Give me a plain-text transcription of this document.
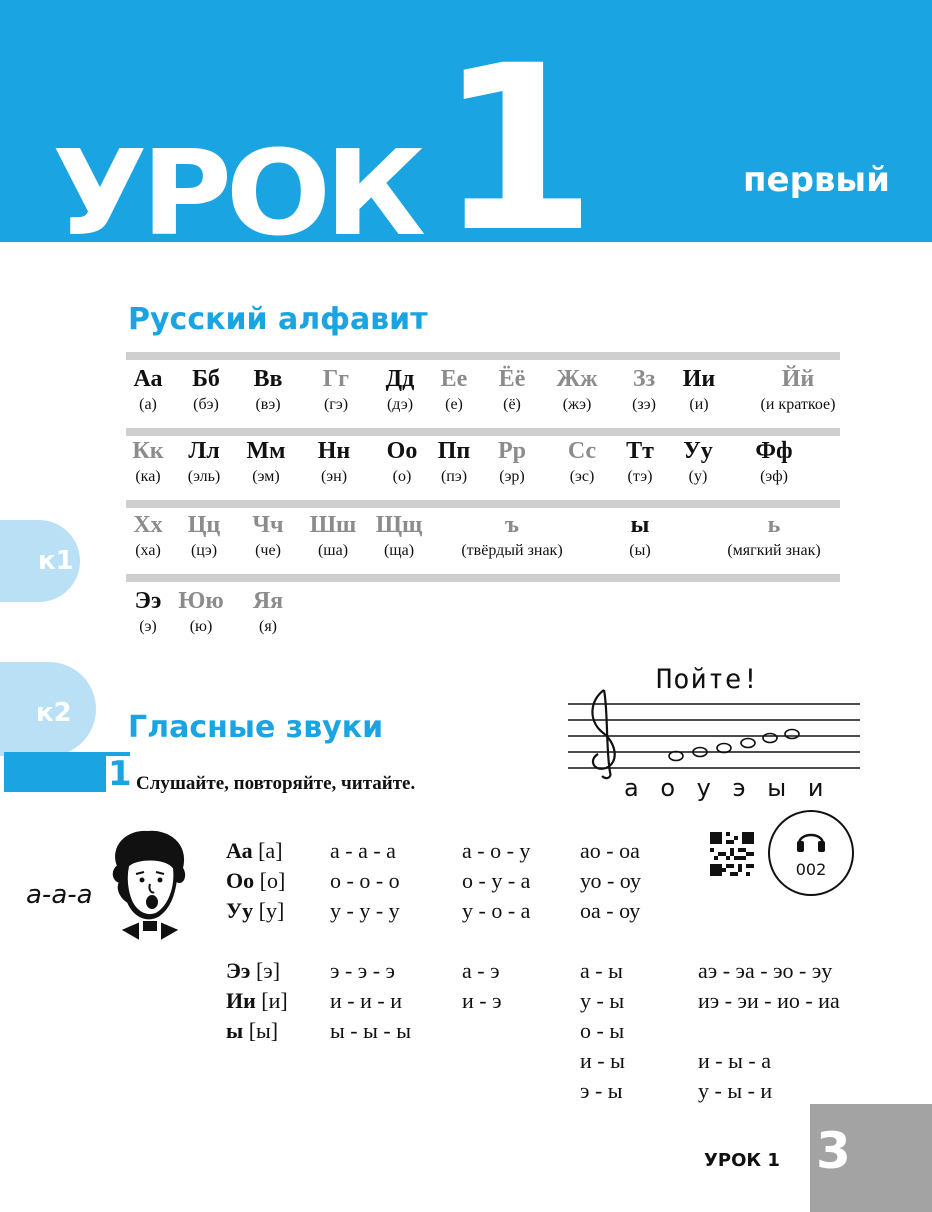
УРОК 1	первый
Русский алфавит
Аа
(а)
Бб
(бэ)
Вв
(вэ)
Гг
(гэ)
Дд
(дэ)
Ее
(е)
Ёё
(ё)
Жж
(жэ)
Зз
(зэ)
Ии
(и)
Йй
(и краткое)
Кк
(ка)
Лл
(эль)
Мм
(эм)
Нн
(эн)
Оо
(о)
Пп
(пэ)
Рр
(эр)
Сс
(эс)
Тт
(тэ)
Уу
(у)
Фф
(эф)
Хх
(ха)
Цц
(цэ)
Чч
(че)
Шш
(ша)
Щщ
(ща)
ъ
(твёрдый знак)
ы
(ы)
ь
(мягкий знак)
Ээ
(э)
Юю
(ю)
Яя
(я)
к1
к2 Гласные звуки
1 Слушайте, повторяйте, читайте.
Пойте!
а о у э ы и
002
а-а-а
Аа [а]
Оо [о]
Уу [у]
а - а - а
о - о - о
у - у - у
а - о - у
о - у - а
у - о - а
ао - оа
уо - оу
оа - оу
Ээ [э]
Ии [и]
ы [ы]
э - э - э
и - и - и
ы - ы - ы
а - э
и - э
а - ы
у - ы
о - ы
и - ы
э - ы
аэ - эа - эо - эу
иэ - эи - ио - иа
и - ы - а
у - ы - и
УРОК 1 3
